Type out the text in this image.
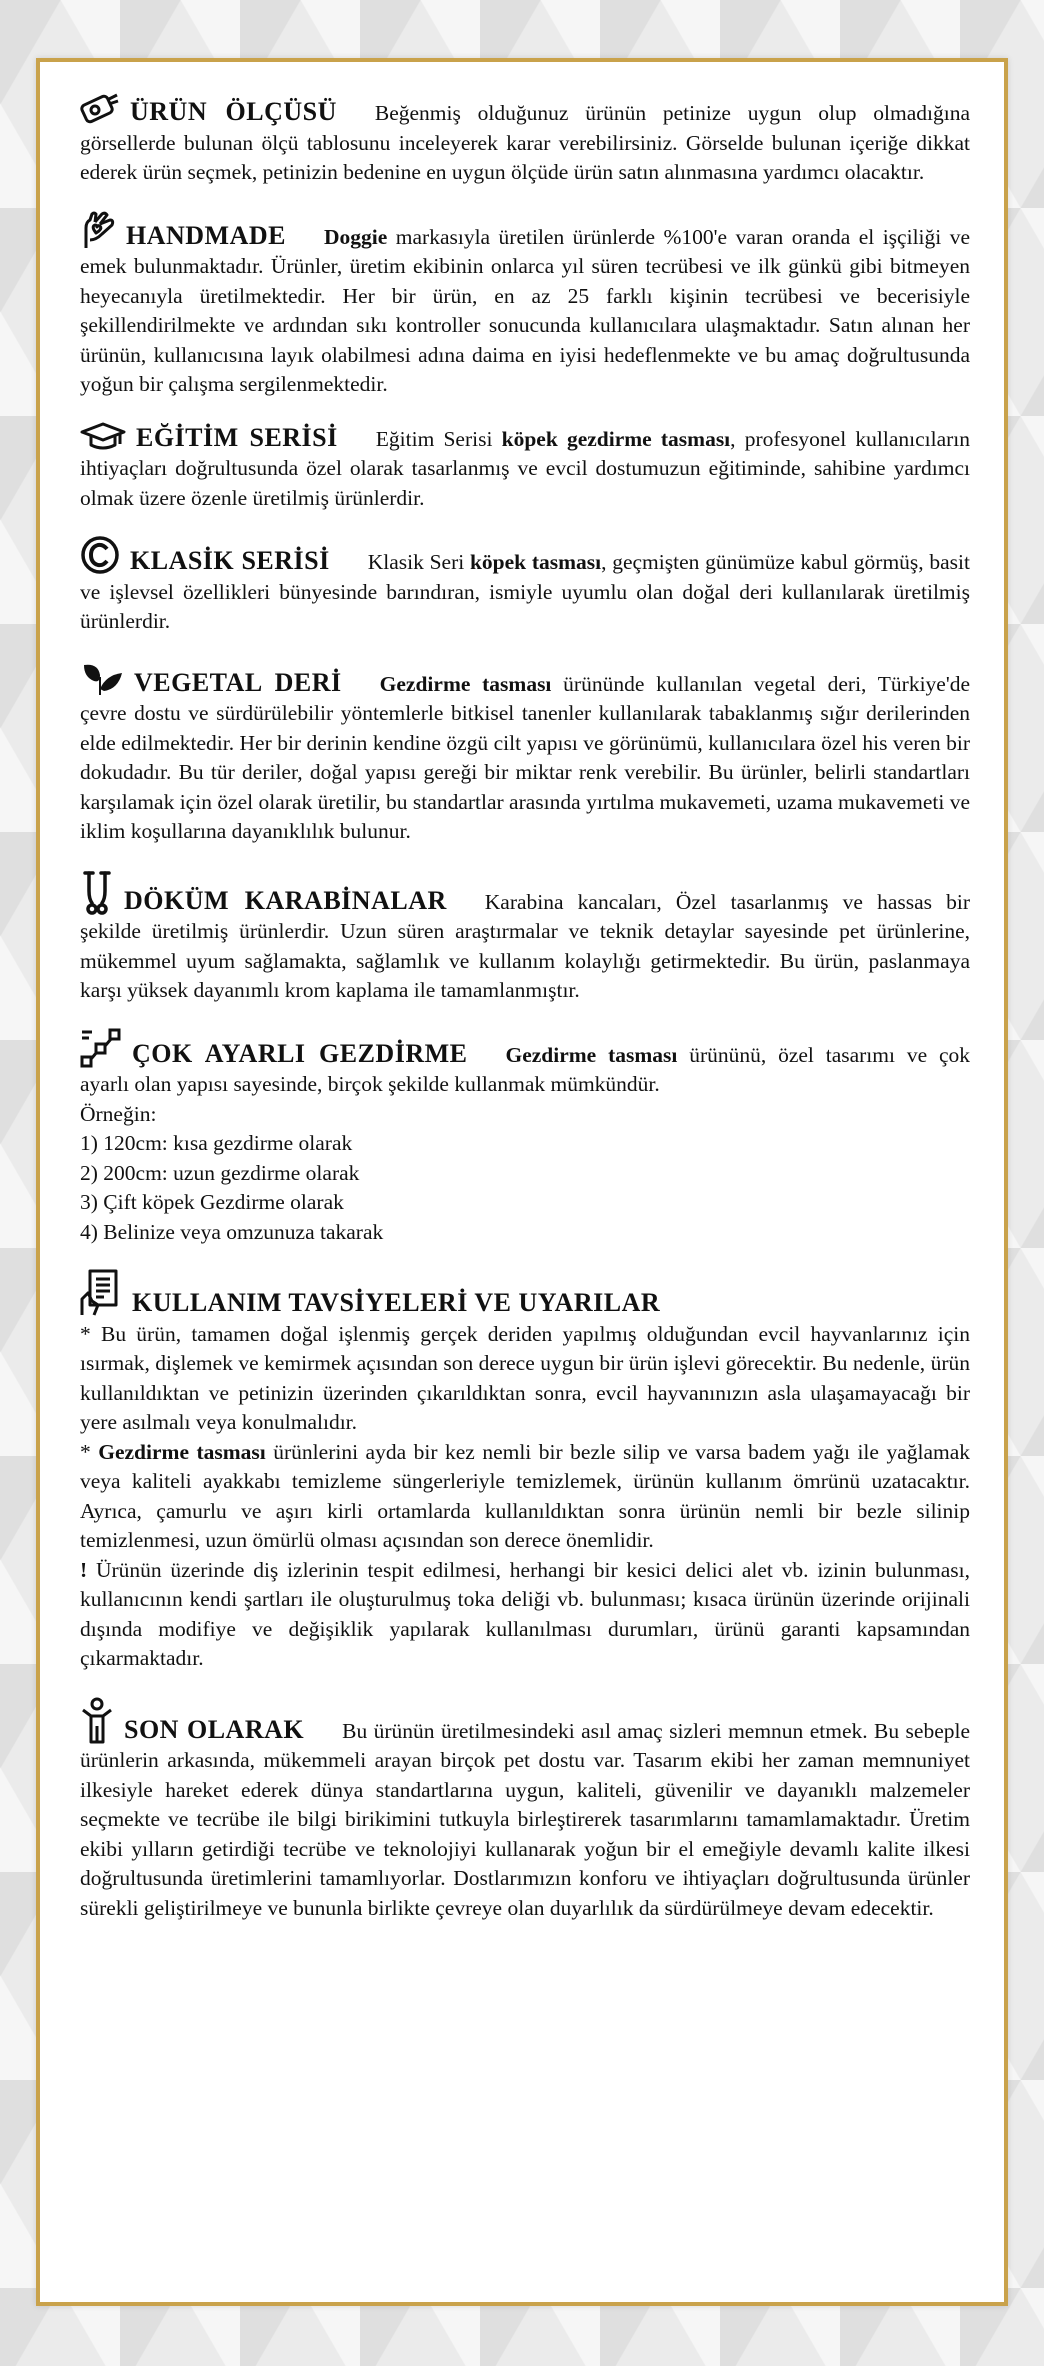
ÜRÜN ÖLÇÜSÜ Beğenmiş olduğunuz ürünün petinize uygun olup olmadığına görsellerde bulunan ölçü tablosunu inceleyerek karar verebilirsiniz. Görselde bulunan içeriğe dikkat ederek ürün seçmek, petinizin bedenine en uygun ölçüde ürün satın alınmasına yardımcı olacaktır.

HANDMADE Doggie markasıyla üretilen ürünlerde %100'e varan oranda el işçiliği ve emek bulunmaktadır. Ürünler, üretim ekibinin onlarca yıl süren tecrübesi ve ilk günkü gibi bitmeyen heyecanıyla üretilmektedir. Her bir ürün, en az 25 farklı kişinin tecrübesi ve becerisiyle şekillendirilmekte ve ardından sıkı kontroller sonucunda kullanıcılara ulaşmaktadır. Satın alınan her ürünün, kullanıcısına layık olabilmesi adına daima en iyisi hedeflenmekte ve bu amaç doğrultusunda yoğun bir çalışma sergilenmektedir.

EĞİTİM SERİSİ Eğitim Serisi köpek gezdirme tasması, profesyonel kullanıcıların ihtiyaçları doğrultusunda özel olarak tasarlanmış ve evcil dostumuzun eğitiminde, sahibine yardımcı olmak üzere özenle üretilmiş ürünlerdir.

KLASİK SERİSİ Klasik Seri köpek tasması, geçmişten günümüze kabul görmüş, basit ve işlevsel özellikleri bünyesinde barındıran, ismiyle uyumlu olan doğal deri kullanılarak üretilmiş ürünlerdir.

VEGETAL DERİ Gezdirme tasması ürününde kullanılan vegetal deri, Türkiye'de çevre dostu ve sürdürülebilir yöntemlerle bitkisel tanenler kullanılarak tabaklanmış sığır derilerinden elde edilmektedir. Her bir derinin kendine özgü cilt yapısı ve görünümü, kullanıcılara özel his veren bir dokudadır. Bu tür deriler, doğal yapısı gereği bir miktar renk verebilir. Bu ürünler, belirli standartları karşılamak için özel olarak üretilir, bu standartlar arasında yırtılma mukavemeti, uzama mukavemeti ve iklim koşullarına dayanıklılık bulunur.

DÖKÜM KARABİNALAR Karabina kancaları, Özel tasarlanmış ve hassas bir şekilde üretilmiş ürünlerdir. Uzun süren araştırmalar ve teknik detaylar sayesinde pet ürünlerine, mükemmel uyum sağlamakta, sağlamlık ve kullanım kolaylığı getirmektedir. Bu ürün, paslanmaya karşı yüksek dayanımlı krom kaplama ile tamamlanmıştır.

ÇOK AYARLI GEZDİRME Gezdirme tasması ürününü, özel tasarımı ve çok ayarlı olan yapısı sayesinde, birçok şekilde kullanmak mümkündür.

Örneğin:

1) 120cm: kısa gezdirme olarak

2) 200cm: uzun gezdirme olarak

3) Çift köpek Gezdirme olarak

4) Belinize veya omzunuza takarak

KULLANIM TAVSİYELERİ VE UYARILAR

* Bu ürün, tamamen doğal işlenmiş gerçek deriden yapılmış olduğundan evcil hayvanlarınız için ısırmak, dişlemek ve kemirmek açısından son derece uygun bir ürün işlevi görecektir. Bu nedenle, ürün kullanıldıktan ve petinizin üzerinden çıkarıldıktan sonra, evcil hayvanınızın asla ulaşamayacağı bir yere asılmalı veya konulmalıdır.

* Gezdirme tasması ürünlerini ayda bir kez nemli bir bezle silip ve varsa badem yağı ile yağlamak veya kaliteli ayakkabı temizleme süngerleriyle temizlemek, ürünün kullanım ömrünü uzatacaktır. Ayrıca, çamurlu ve aşırı kirli ortamlarda kullanıldıktan sonra ürünün nemli bir bezle silinip temizlenmesi, uzun ömürlü olması açısından son derece önemlidir.

! Ürünün üzerinde diş izlerinin tespit edilmesi, herhangi bir kesici delici alet vb. izinin bulunması, kullanıcının kendi şartları ile oluşturulmuş toka deliği vb. bulunması; kısaca ürünün üzerinde orijinali dışında modifiye ve değişiklik yapılarak kullanılması durumları, ürünü garanti kapsamından çıkarmaktadır.

SON OLARAK Bu ürünün üretilmesindeki asıl amaç sizleri memnun etmek. Bu sebeple ürünlerin arkasında, mükemmeli arayan birçok pet dostu var. Tasarım ekibi her zaman memnuniyet ilkesiyle hareket ederek dünya standartlarına uygun, kaliteli, güvenilir ve dayanıklı malzemeler seçmekte ve tecrübe ile bilgi birikimini tutkuyla birleştirerek tasarımlarını tamamlamaktadır. Üretim ekibi yılların getirdiği tecrübe ve teknolojiyi kullanarak yoğun bir el emeğiyle devamlı kalite ilkesi doğrultusunda üretimlerini tamamlıyorlar. Dostlarımızın konforu ve ihtiyaçları doğrultusunda ürünler sürekli geliştirilmeye ve bununla birlikte çevreye olan duyarlılık da sürdürülmeye devam edecektir.
